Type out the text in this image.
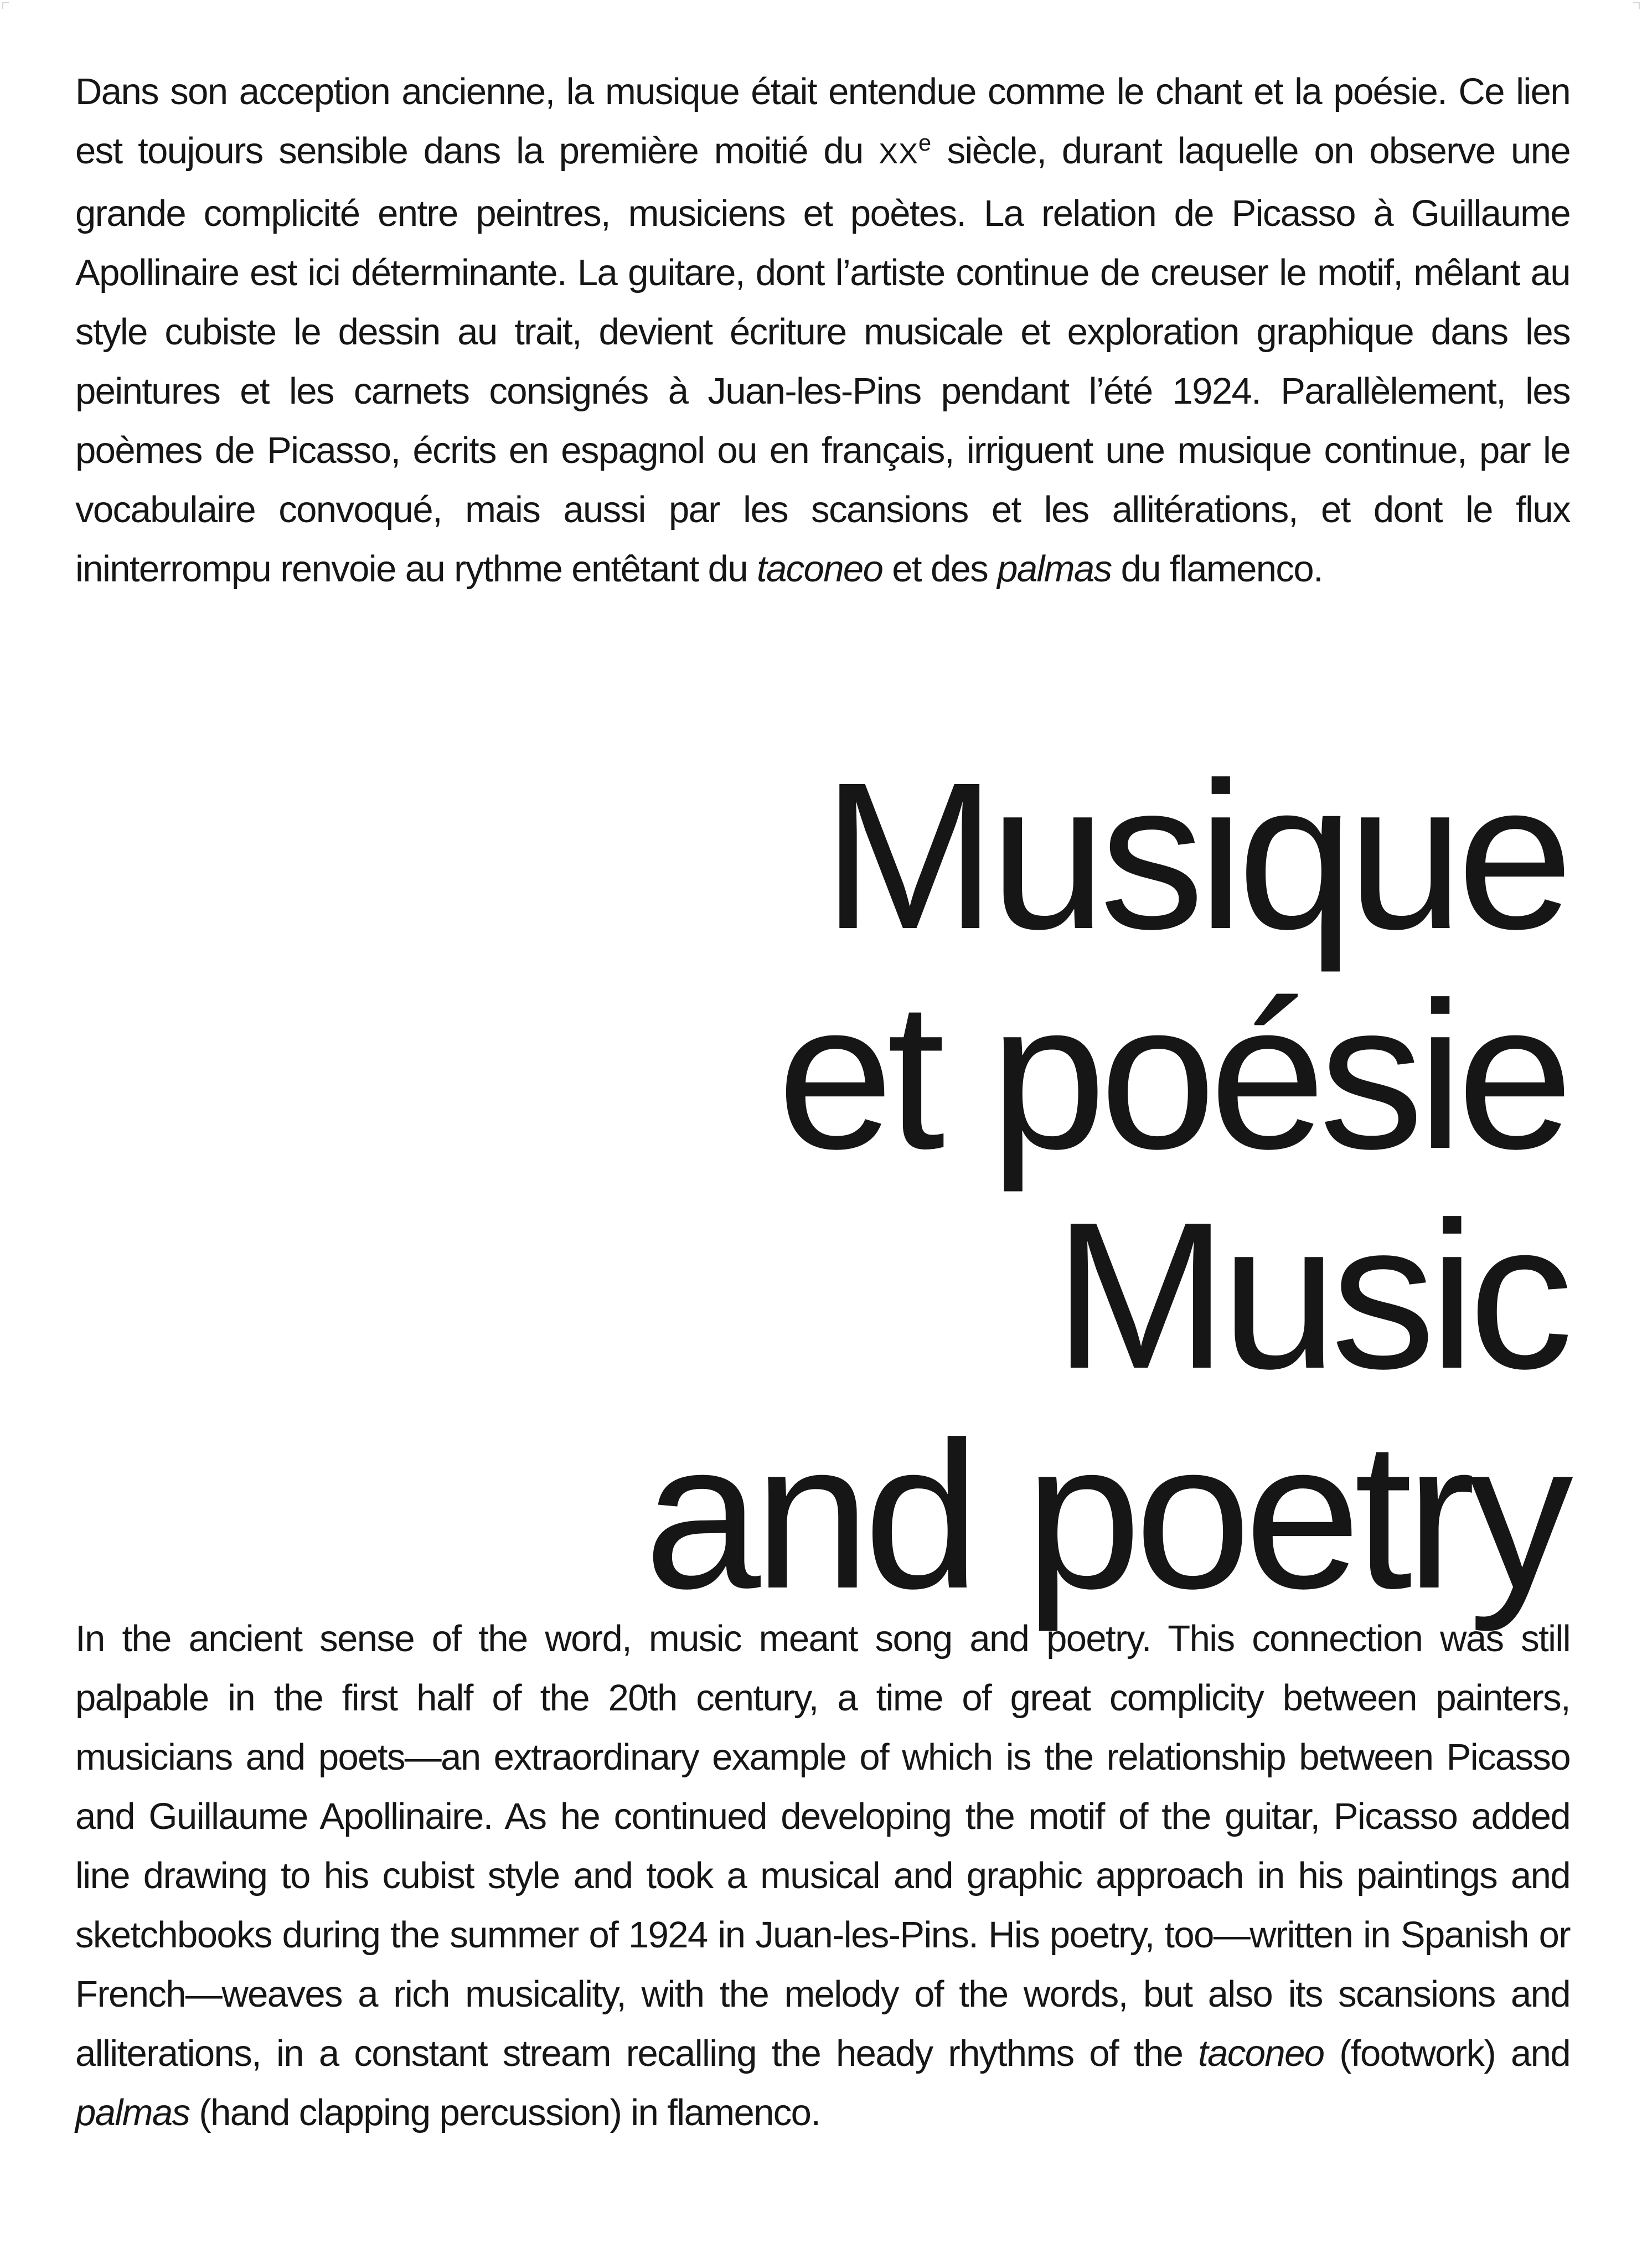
Dans son acception ancienne, la musique était entendue comme le chant et la poésie. Ce lien est toujours sensible dans la première moitié du XXe siècle, durant laquelle on observe une grande complicité entre peintres, musiciens et poètes. La relation de Picasso à Guillaume Apollinaire est ici déterminante. La guitare, dont l’artiste continue de creuser le motif, mêlant au style cubiste le dessin au trait, devient écriture musicale et exploration graphique dans les peintures et les carnets consignés à Juan-les-Pins pendant l’été 1924. Parallèlement, les poèmes de Picasso, écrits en espagnol ou en français, irriguent une musique continue, par le vocabulaire convoqué, mais aussi par les scansions et les allitérations, et dont le flux ininterrompu renvoie au rythme entêtant du taconeo et des palmas du flamenco.

Musique
et poésie
Music
and poetry

In the ancient sense of the word, music meant song and poetry. This connection was still palpable in the first half of the 20th century, a time of great complicity between painters, musicians and poets—an extraordinary example of which is the relationship between Picasso and Guillaume Apollinaire. As he continued developing the motif of the guitar, Picasso added line drawing to his cubist style and took a musical and graphic approach in his paintings and sketchbooks during the summer of 1924 in Juan-les-Pins. His poetry, too—written in Spanish or French—weaves a rich musicality, with the melody of the words, but also its scansions and alliterations, in a constant stream recalling the heady rhythms of the taconeo (footwork) and palmas (hand clapping percussion) in flamenco.
